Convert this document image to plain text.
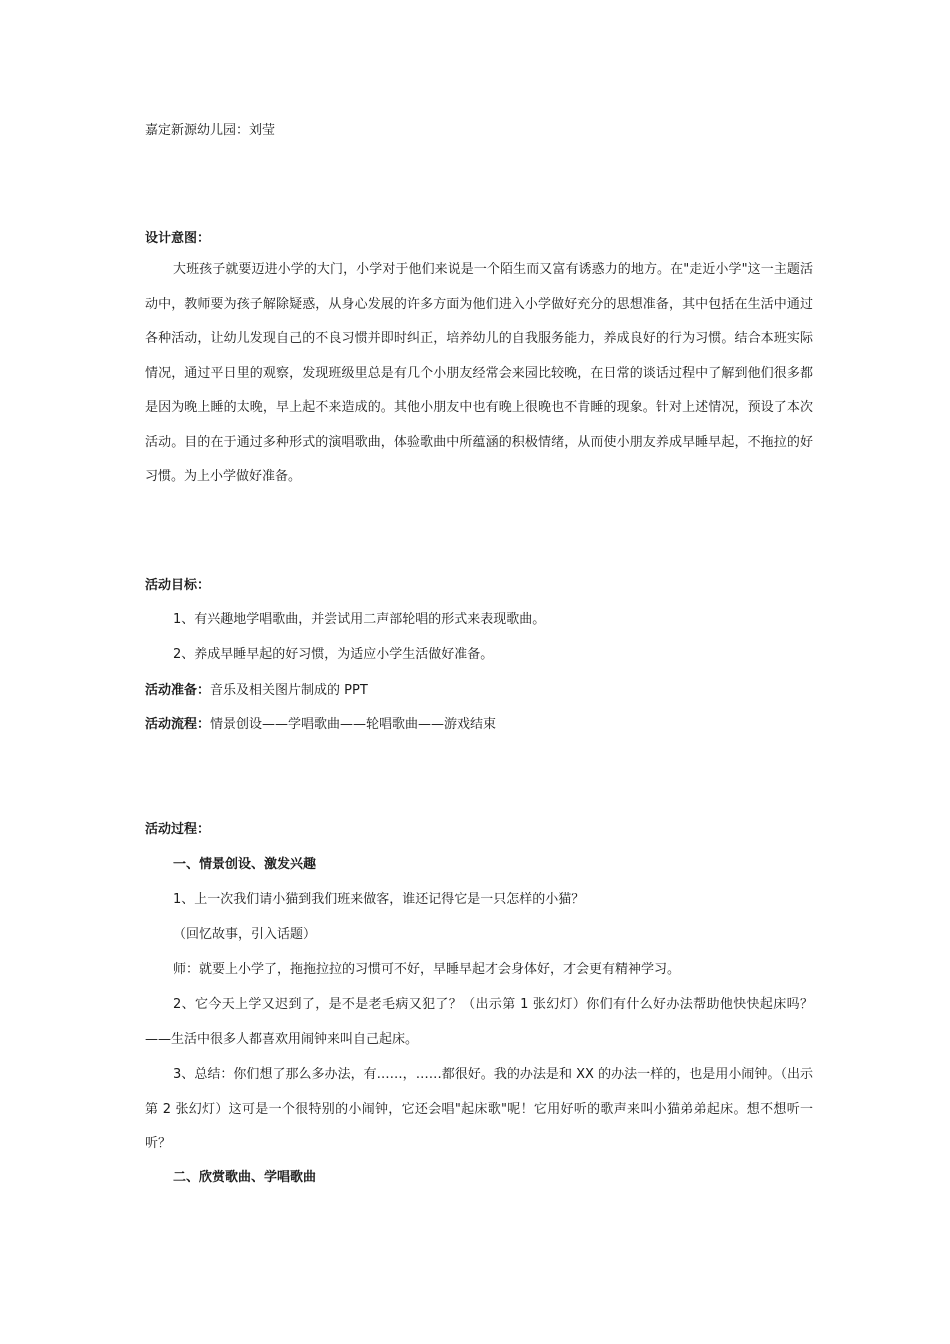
嘉定新源幼儿园：刘莹
设计意图：

大班孩子就要迈进小学的大门，小学对于他们来说是一个陌生而又富有诱惑力的地方。在"走近小学"这一主题活动中，教师要为孩子解除疑惑，从身心发展的许多方面为他们进入小学做好充分的思想准备，其中包括在生活中通过各种活动，让幼儿发现自己的不良习惯并即时纠正，培养幼儿的自我服务能力，养成良好的行为习惯。结合本班实际情况，通过平日里的观察，发现班级里总是有几个小朋友经常会来园比较晚，在日常的谈话过程中了解到他们很多都是因为晚上睡的太晚，早上起不来造成的。其他小朋友中也有晚上很晚也不肯睡的现象。针对上述情况，预设了本次活动。目的在于通过多种形式的演唱歌曲，体验歌曲中所蕴涵的积极情绪，从而使小朋友养成早睡早起，不拖拉的好习惯。为上小学做好准备。

活动目标：
1、有兴趣地学唱歌曲，并尝试用二声部轮唱的形式来表现歌曲。
2、养成早睡早起的好习惯，为适应小学生活做好准备。
活动准备：音乐及相关图片制成的 PPT
活动流程：情景创设——学唱歌曲——轮唱歌曲——游戏结束
活动过程：
一、情景创设、激发兴趣
1、上一次我们请小猫到我们班来做客，谁还记得它是一只怎样的小猫？
（回忆故事，引入话题）
师：就要上小学了，拖拖拉拉的习惯可不好，早睡早起才会身体好，才会更有精神学习。

2、它今天上学又迟到了，是不是老毛病又犯了？（出示第 1 张幻灯）你们有什么好办法帮助他快快起床吗？——生活中很多人都喜欢用闹钟来叫自己起床。

3、总结：你们想了那么多办法，有……，……都很好。我的办法是和 XX 的办法一样的，也是用小闹钟。（出示第 2 张幻灯）这可是一个很特别的小闹钟，它还会唱"起床歌"呢！它用好听的歌声来叫小猫弟弟起床。想不想听一听？

二、欣赏歌曲、学唱歌曲
